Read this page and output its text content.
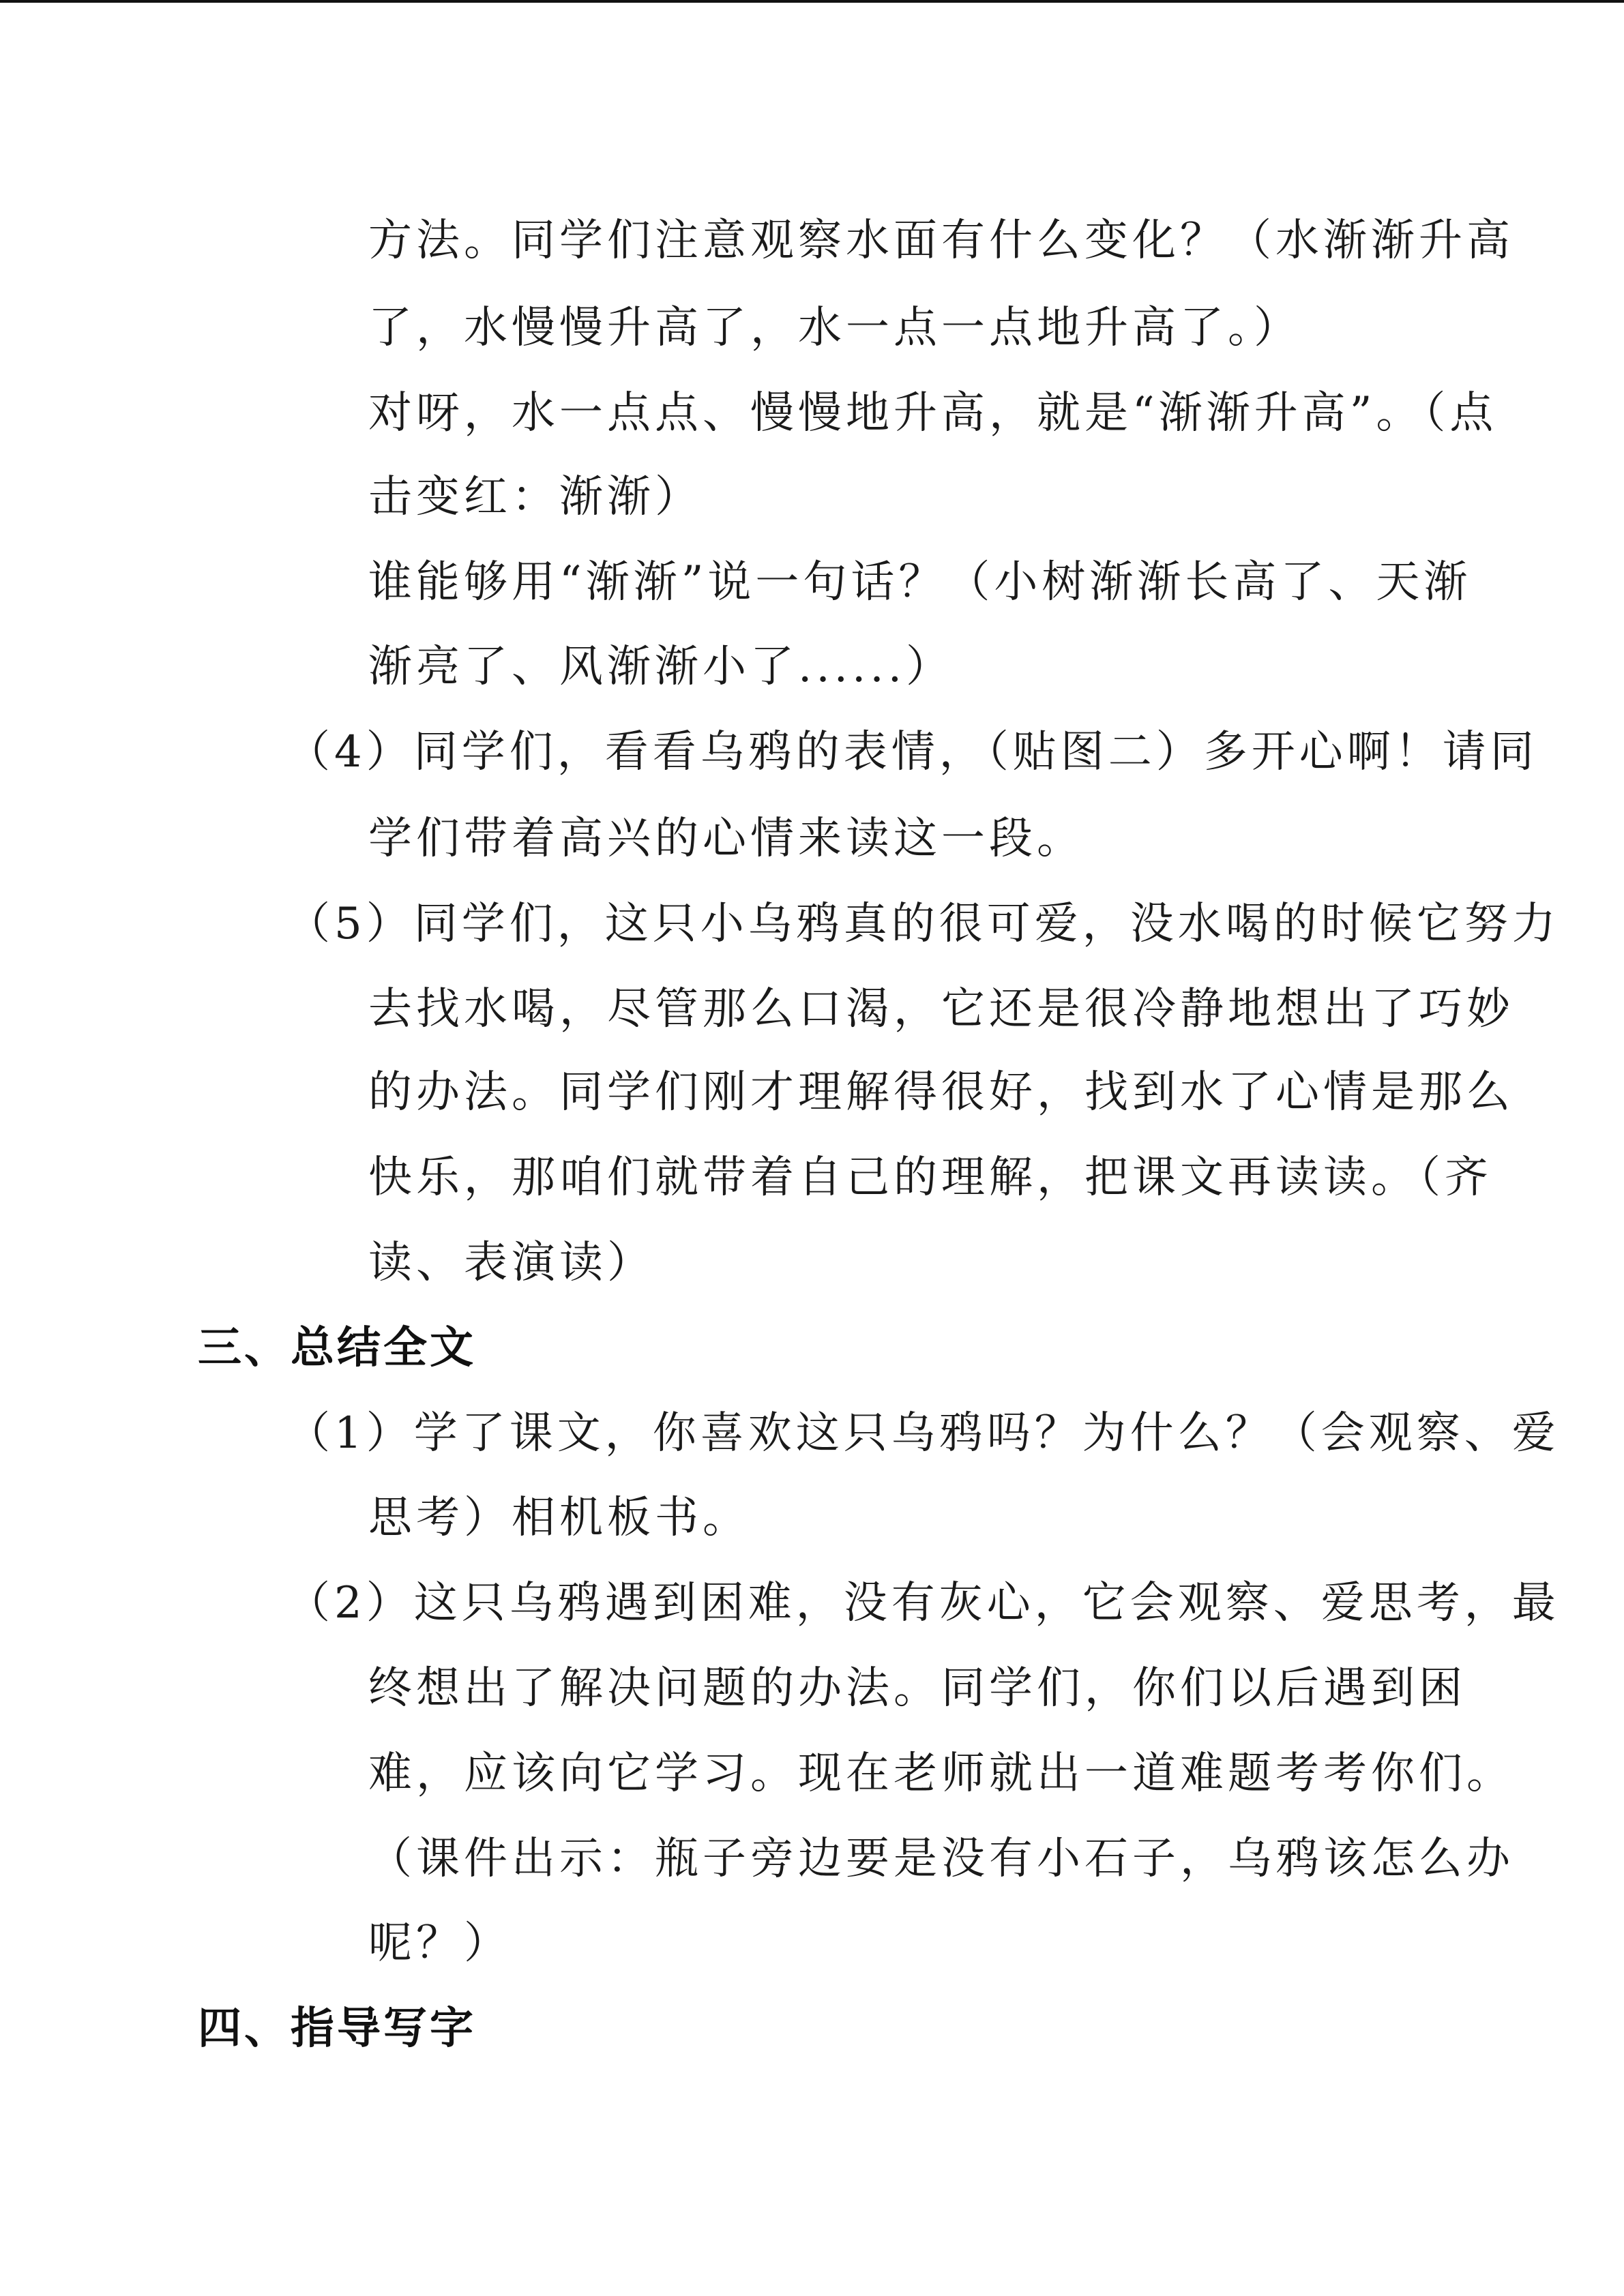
方法。同学们注意观察水面有什么变化？（水渐渐升高
了，水慢慢升高了，水一点一点地升高了。）
对呀，水一点点、慢慢地升高，就是“渐渐升高”。（点
击变红：渐渐）
谁能够用“渐渐”说一句话？（小树渐渐长高了、天渐
渐亮了、风渐渐小了......）
（4）同学们，看看乌鸦的表情，（贴图二）多开心啊！请同
学们带着高兴的心情来读这一段。
（5）同学们，这只小乌鸦真的很可爱，没水喝的时候它努力
去找水喝，尽管那么口渴，它还是很冷静地想出了巧妙
的办法。同学们刚才理解得很好，找到水了心情是那么
快乐，那咱们就带着自己的理解，把课文再读读。（齐
读、表演读）
三、总结全文
（1）学了课文，你喜欢这只乌鸦吗？为什么？（会观察、爱
思考）相机板书。
（2）这只乌鸦遇到困难，没有灰心，它会观察、爱思考，最
终想出了解决问题的办法。同学们，你们以后遇到困
难，应该向它学习。现在老师就出一道难题考考你们。
（课件出示：瓶子旁边要是没有小石子，乌鸦该怎么办
呢？）
四、指导写字
